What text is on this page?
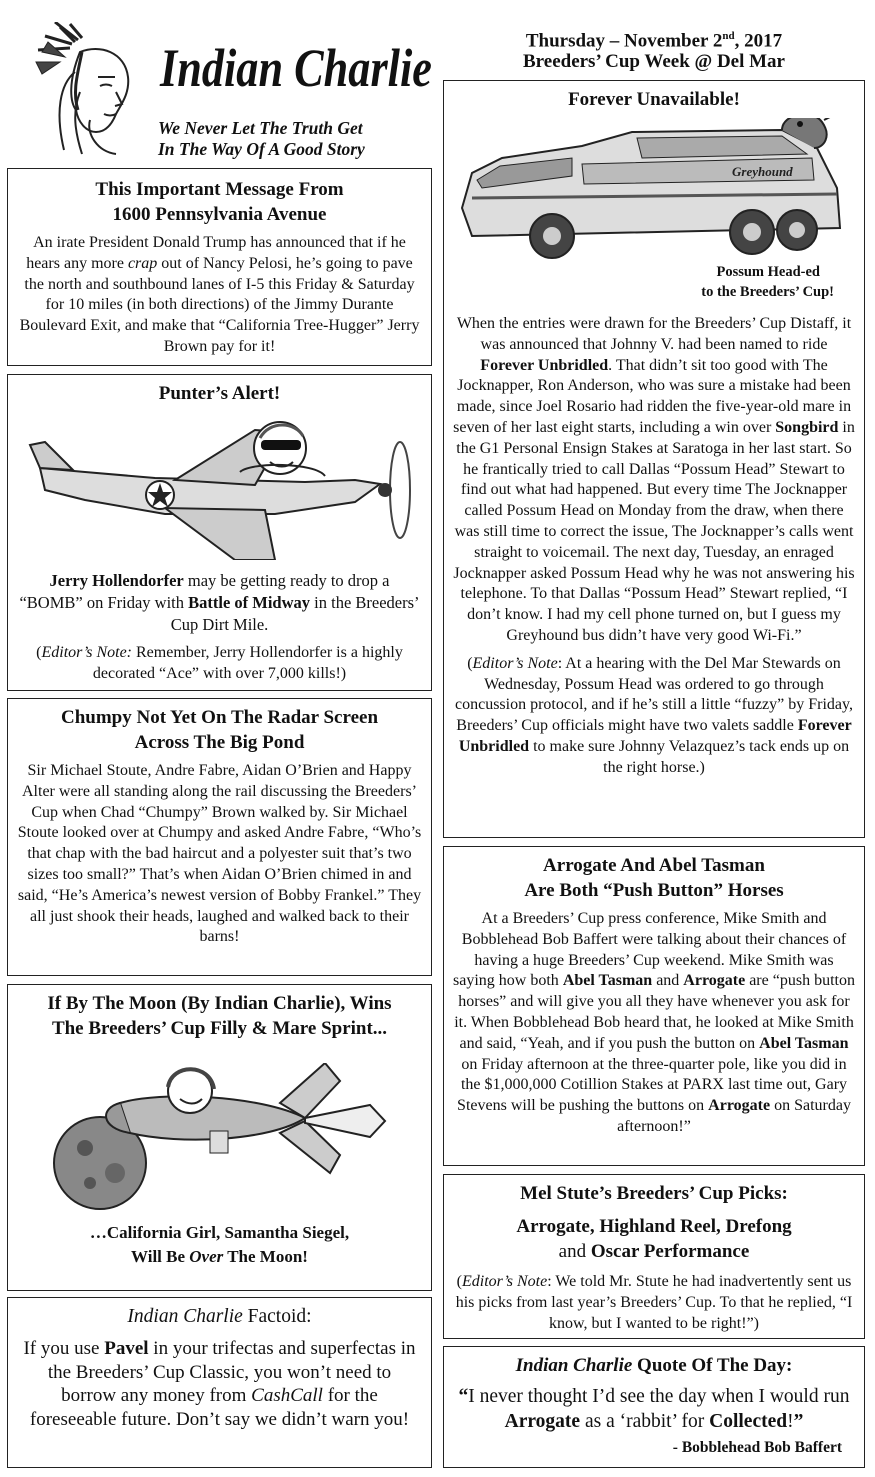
Indian Charlie

We Never Let The Truth Get

In The Way Of A Good Story

Thursday – November 2nd, 2017
Breeders’ Cup Week @ Del Mar

This Important Message From

1600 Pennsylvania Avenue

An irate President Donald Trump has announced that if he hears any more crap out of Nancy Pelosi, he’s going to pave the north and southbound lanes of I-5 this Friday & Saturday for 10 miles (in both directions) of the Jimmy Durante Boulevard Exit, and make that “California Tree-Hugger” Jerry Brown pay for it!
Punter’s Alert!
Jerry Hollendorfer may be getting ready to drop a “BOMB” on Friday with Battle of Midway in the Breeders’ Cup Dirt Mile.
(Editor’s Note: Remember, Jerry Hollendorfer is a highly decorated “Ace” with over 7,000 kills!)

Chumpy Not Yet On The Radar Screen

Across The Big Pond

Sir Michael Stoute, Andre Fabre, Aidan O’Brien and Happy Alter were all standing along the rail discussing the Breeders’ Cup when Chad “Chumpy” Brown walked by. Sir Michael Stoute looked over at Chumpy and asked Andre Fabre, “Who’s that chap with the bad haircut and a polyester suit that’s two sizes too small?” That’s when Aidan O’Brien chimed in and said, “He’s America’s newest version of Bobby Frankel.” They all just shook their heads, laughed and walked back to their barns!

If By The Moon (By Indian Charlie), Wins

The Breeders’ Cup Filly & Mare Sprint...

…California Girl, Samantha Siegel,

Will Be Over The Moon!

Indian Charlie Factoid:
If you use Pavel in your trifectas and superfectas in the Breeders’ Cup Classic, you won’t need to borrow any money from CashCall for the foreseeable future. Don’t say we didn’t warn you!
Forever Unavailable!
Greyhound

Possum Head-ed

to the Breeders’ Cup!

When the entries were drawn for the Breeders’ Cup Distaff, it was announced that Johnny V. had been named to ride Forever Unbridled. That didn’t sit too good with The Jocknapper, Ron Anderson, who was sure a mistake had been made, since Joel Rosario had ridden the five-year-old mare in seven of her last eight starts, including a win over Songbird in the G1 Personal Ensign Stakes at Saratoga in her last start. So he frantically tried to call Dallas “Possum Head” Stewart to find out what had happened. But every time The Jocknapper called Possum Head on Monday from the draw, when there was still time to correct the issue, The Jocknapper’s calls went straight to voicemail. The next day, Tuesday, an enraged Jocknapper asked Possum Head why he was not answering his telephone. To that Dallas “Possum Head” Stewart replied, “I don’t know. I had my cell phone turned on, but I guess my Greyhound bus didn’t have very good Wi-Fi.”
(Editor’s Note: At a hearing with the Del Mar Stewards on Wednesday, Possum Head was ordered to go through concussion protocol, and if he’s still a little “fuzzy” by Friday, Breeders’ Cup officials might have two valets saddle Forever Unbridled to make sure Johnny Velazquez’s tack ends up on the right horse.)

Arrogate And Abel Tasman

Are Both “Push Button” Horses

At a Breeders’ Cup press conference, Mike Smith and Bobblehead Bob Baffert were talking about their chances of having a huge Breeders’ Cup weekend. Mike Smith was saying how both Abel Tasman and Arrogate are “push button horses” and will give you all they have whenever you ask for it. When Bobblehead Bob heard that, he looked at Mike Smith and said, “Yeah, and if you push the button on Abel Tasman on Friday afternoon at the three-quarter pole, like you did in the $1,000,000 Cotillion Stakes at PARX last time out, Gary Stevens will be pushing the buttons on Arrogate on Saturday afternoon!”
Mel Stute’s Breeders’ Cup Picks:

Arrogate, Highland Reel, Drefong

and Oscar Performance

(Editor’s Note: We told Mr. Stute he had inadvertently sent us his picks from last year’s Breeders’ Cup. To that he replied, “I know, but I wanted to be right!”)
Indian Charlie Quote Of The Day:
“I never thought I’d see the day when I would run Arrogate as a ‘rabbit’ for Collected!”
- Bobblehead Bob Baffert
